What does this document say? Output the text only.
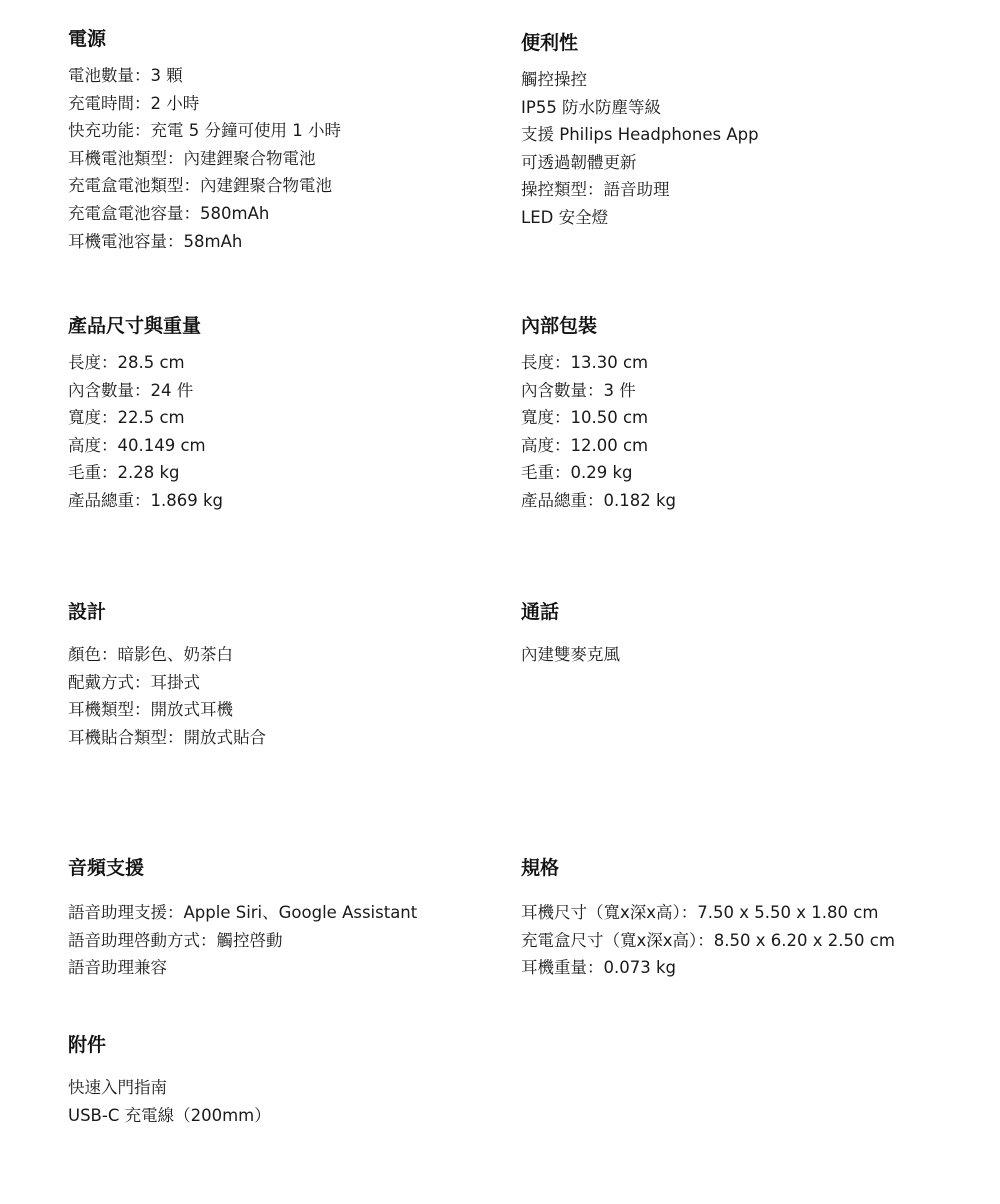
電源
電池數量：3 顆
充電時間：2 小時
快充功能：充電 5 分鐘可使用 1 小時
耳機電池類型：內建鋰聚合物電池
充電盒電池類型：內建鋰聚合物電池
充電盒電池容量：580mAh
耳機電池容量：58mAh
便利性
觸控操控
IP55 防水防塵等級
支援 Philips Headphones App
可透過韌體更新
操控類型：語音助理
LED 安全燈
產品尺寸與重量
長度：28.5 cm
內含數量：24 件
寬度：22.5 cm
高度：40.149 cm
毛重：2.28 kg
產品總重：1.869 kg
內部包裝
長度：13.30 cm
內含數量：3 件
寬度：10.50 cm
高度：12.00 cm
毛重：0.29 kg
產品總重：0.182 kg
設計
顏色：暗影色、奶茶白
配戴方式：耳掛式
耳機類型：開放式耳機
耳機貼合類型：開放式貼合
通話
內建雙麥克風
音頻支援
語音助理支援：Apple Siri、Google Assistant
語音助理啓動方式：觸控啓動
語音助理兼容
規格
耳機尺寸（寬x深x高）：7.50 x 5.50 x 1.80 cm
充電盒尺寸（寬x深x高）：8.50 x 6.20 x 2.50 cm
耳機重量：0.073 kg
附件
快速入門指南
USB-C 充電線（200mm）
